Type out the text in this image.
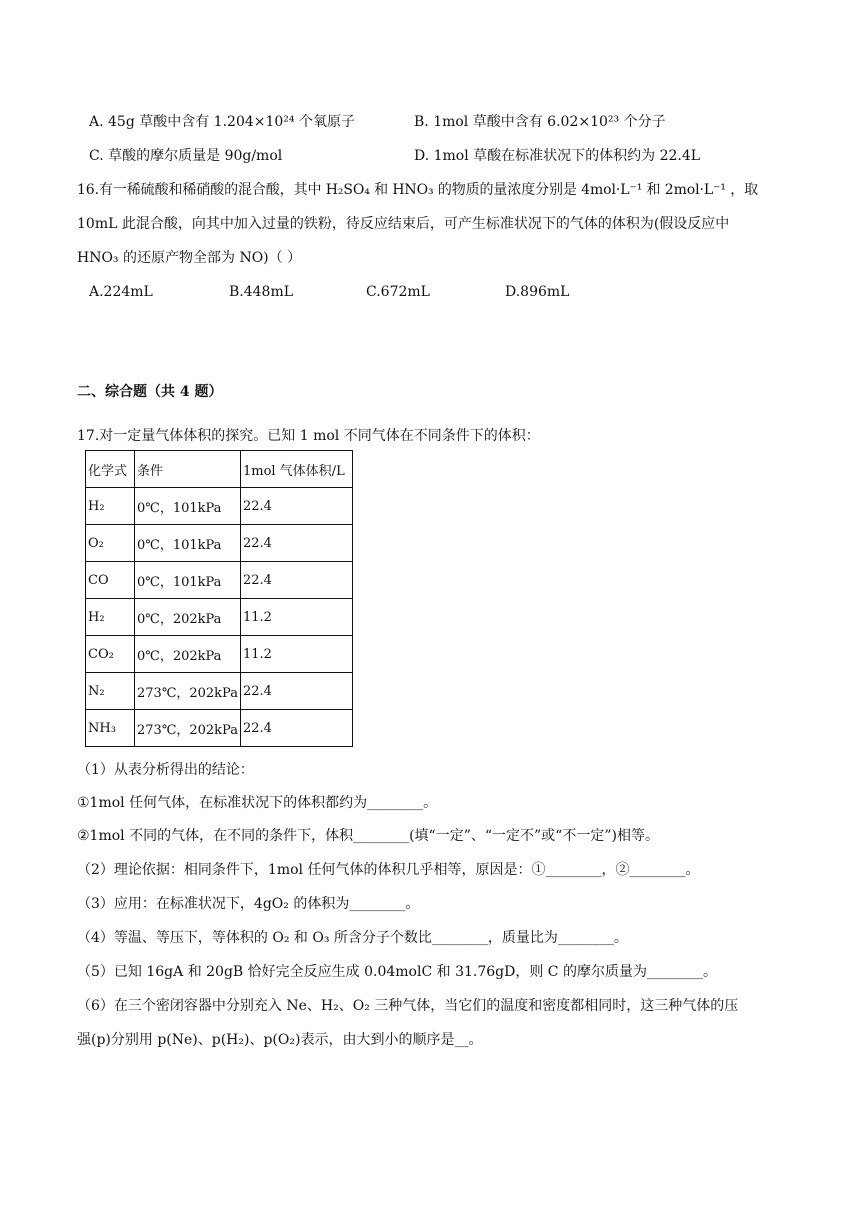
A. 45g 草酸中含有 1.204×10²⁴ 个氧原子	B. 1mol 草酸中含有 6.02×10²³ 个分子
C. 草酸的摩尔质量是 90g/mol	D. 1mol 草酸在标准状况下的体积约为 22.4L
16.有一稀硫酸和稀硝酸的混合酸，其中 H₂SO₄ 和 HNO₃ 的物质的量浓度分别是 4mol·L⁻¹ 和 2mol·L⁻¹ ，取
10mL 此混合酸，向其中加入过量的铁粉，待反应结束后，可产生标准状况下的气体的体积为(假设反应中
HNO₃ 的还原产物全部为 NO)（ ）
A.224mL	B.448mL	C.672mL	D.896mL
二、综合题（共 4 题）
17.对一定量气体体积的探究。已知 1 mol 不同气体在不同条件下的体积：
化学式	条件	1mol 气体体积/L
H₂	0℃，101kPa	22.4
O₂	0℃，101kPa	22.4
CO	0℃，101kPa	22.4
H₂	0℃，202kPa	11.2
CO₂	0℃，202kPa	11.2
N₂	273℃，202kPa	22.4
NH₃	273℃，202kPa	22.4
（1）从表分析得出的结论：
①1mol 任何气体，在标准状况下的体积都约为________。
②1mol 不同的气体，在不同的条件下，体积________(填“一定”、“一定不”或“不一定”)相等。
（2）理论依据：相同条件下，1mol 任何气体的体积几乎相等，原因是：①________，②________。
（3）应用：在标准状况下，4gO₂ 的体积为________。
（4）等温、等压下，等体积的 O₂ 和 O₃ 所含分子个数比________，质量比为________。
（5）已知 16gA 和 20gB 恰好完全反应生成 0.04molC 和 31.76gD，则 C 的摩尔质量为________。
（6）在三个密闭容器中分别充入 Ne、H₂、O₂ 三种气体，当它们的温度和密度都相同时，这三种气体的压
强(p)分别用 p(Ne)、p(H₂)、p(O₂)表示，由大到小的顺序是__。
